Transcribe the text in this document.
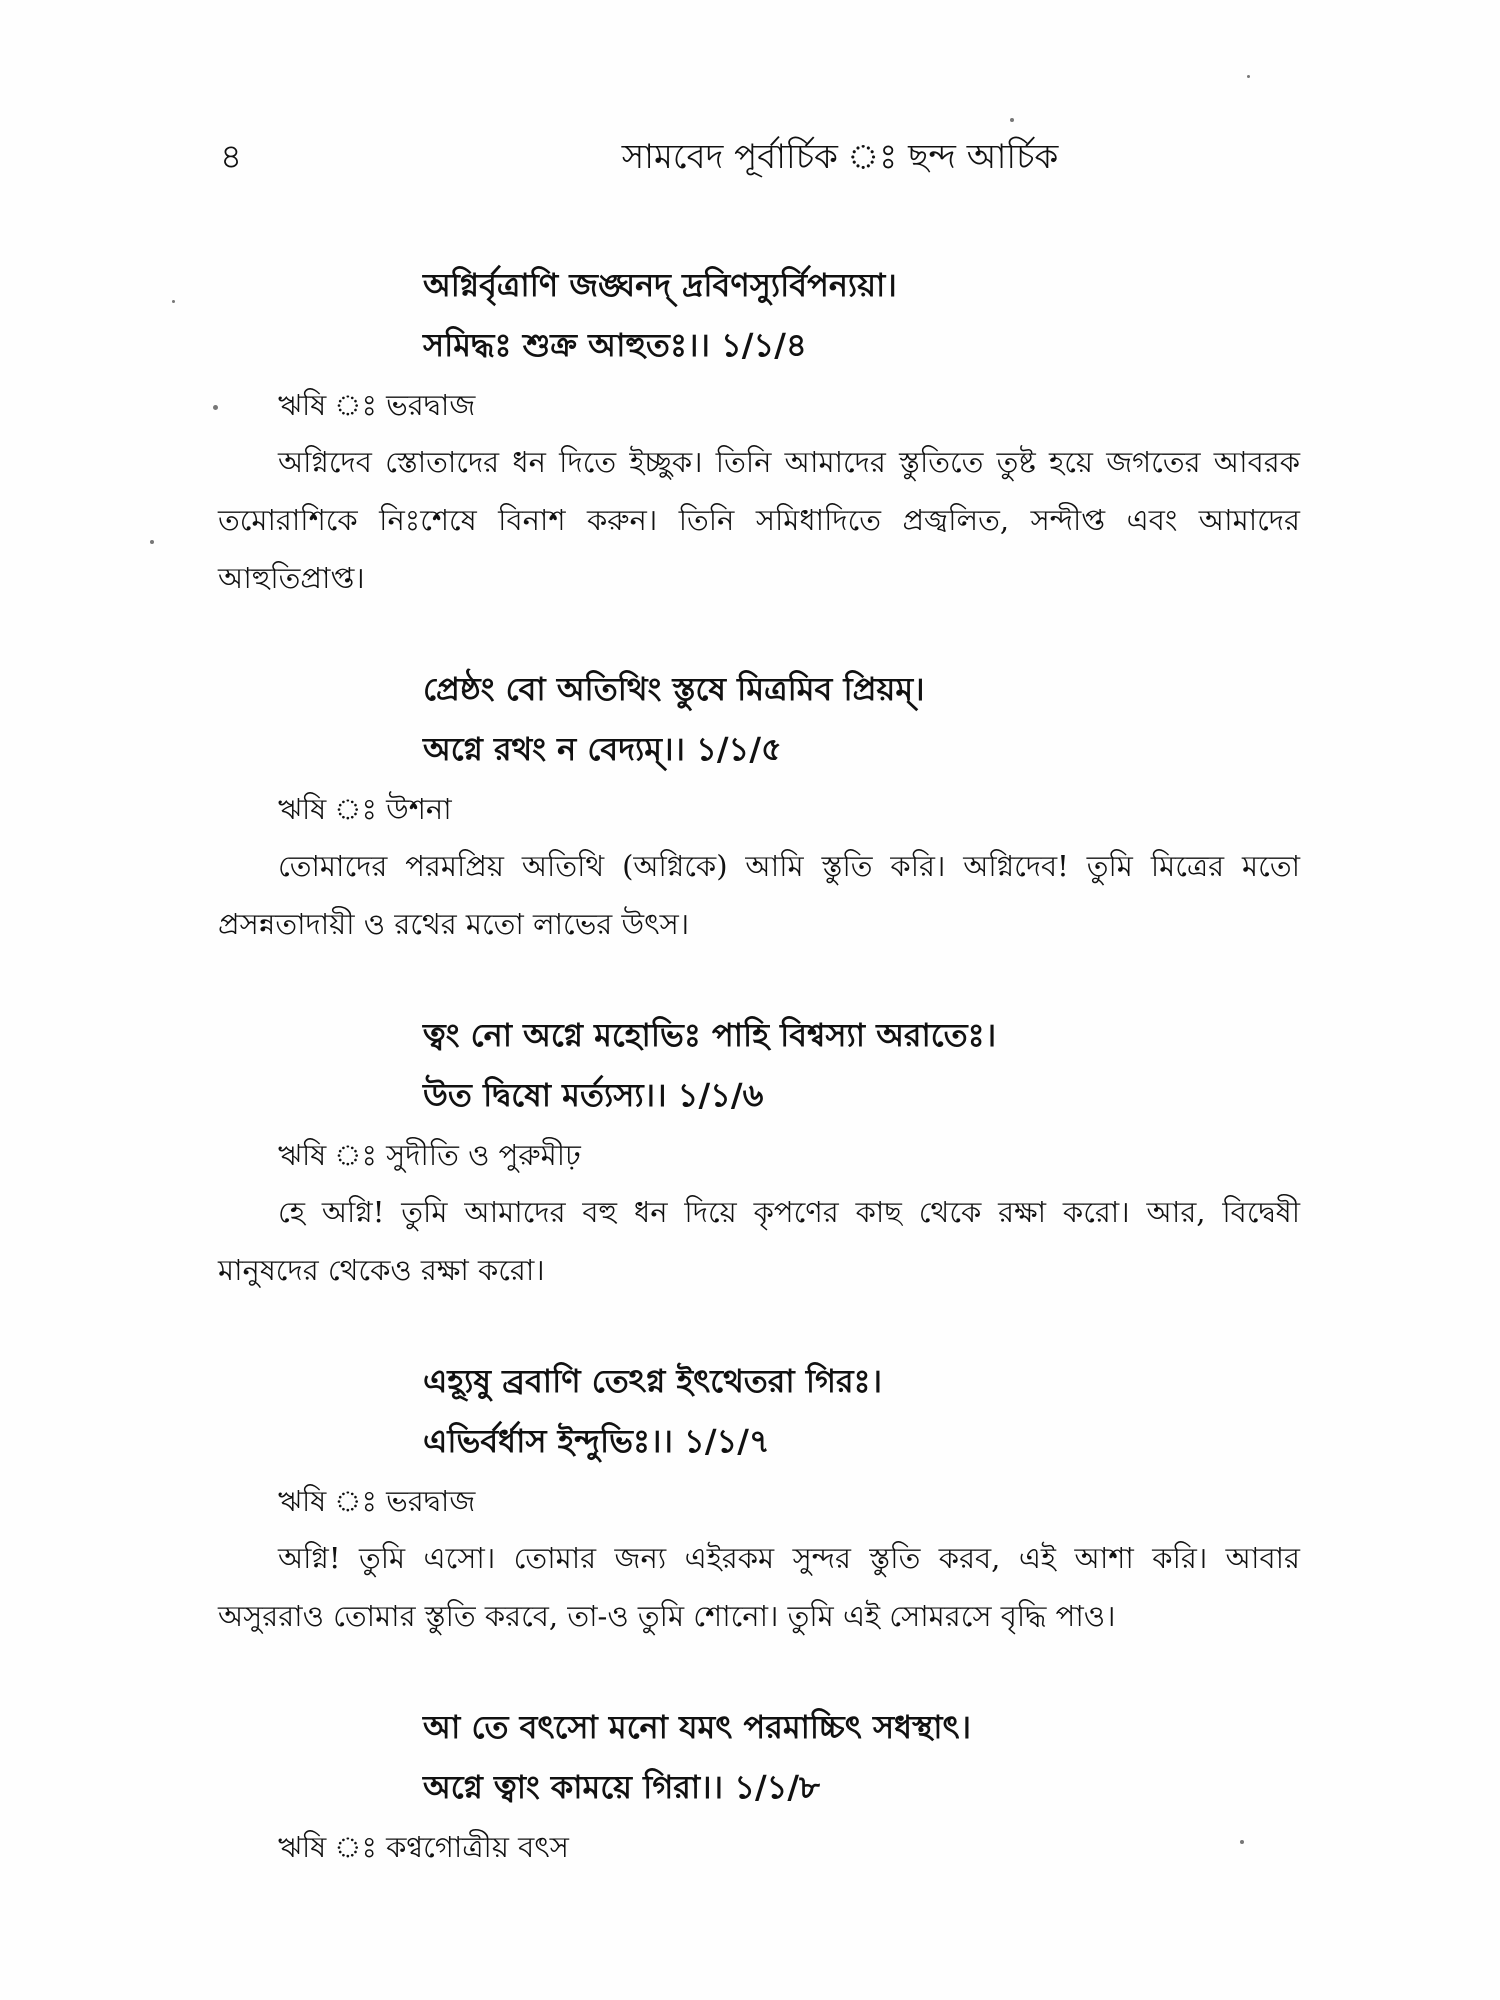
৪	সামবেদ পূর্বার্চিক ঃ ছন্দ আর্চিক
অগ্নির্বৃত্রাণি জঙ্ঘনদ্ দ্রবিণস্যুর্বিপন্যয়া।
সমিদ্ধঃ শুক্র আহুতঃ।। ১/১/৪
ঋষি ঃ ভরদ্বাজ

অগ্নিদেব স্তোতাদের ধন দিতে ইচ্ছুক। তিনি আমাদের স্তুতিতে তুষ্ট হয়ে জগতের আবরক তমোরাশিকে নিঃশেষে বিনাশ করুন। তিনি সমিধাদিতে প্রজ্বলিত, সন্দীপ্ত এবং আমাদের আহুতিপ্রাপ্ত।

প্রেষ্ঠং বো অতিথিং স্তুষে মিত্রমিব প্রিয়ম্।
অগ্নে রথং ন বেদ্যম্।। ১/১/৫
ঋষি ঃ উশনা

তোমাদের পরমপ্রিয় অতিথি (অগ্নিকে) আমি স্তুতি করি। অগ্নিদেব! তুমি মিত্রের মতো প্রসন্নতাদায়ী ও রথের মতো লাভের উৎস।

ত্বং নো অগ্নে মহোভিঃ পাহি বিশ্বস্যা অরাতেঃ।
উত দ্বিষো মর্ত্যস্য।। ১/১/৬
ঋষি ঃ সুদীতি ও পুরুমীঢ়

হে অগ্নি! তুমি আমাদের বহু ধন দিয়ে কৃপণের কাছ থেকে রক্ষা করো। আর, বিদ্বেষী মানুষদের থেকেও রক্ষা করো।

এহ্যূষু ব্রবাণি তেঽগ্ন ইৎথেতরা গিরঃ।
এভির্বর্ধাস ইন্দুভিঃ।। ১/১/৭
ঋষি ঃ ভরদ্বাজ

অগ্নি! তুমি এসো। তোমার জন্য এইরকম সুন্দর স্তুতি করব, এই আশা করি। আবার অসুররাও তোমার স্তুতি করবে, তা-ও তুমি শোনো। তুমি এই সোমরসে বৃদ্ধি পাও।

আ তে বৎসো মনো যমৎ পরমাচ্চিৎ সধস্থাৎ।
অগ্নে ত্বাং কাময়ে গিরা।। ১/১/৮
ঋষি ঃ কণ্বগোত্রীয় বৎস
